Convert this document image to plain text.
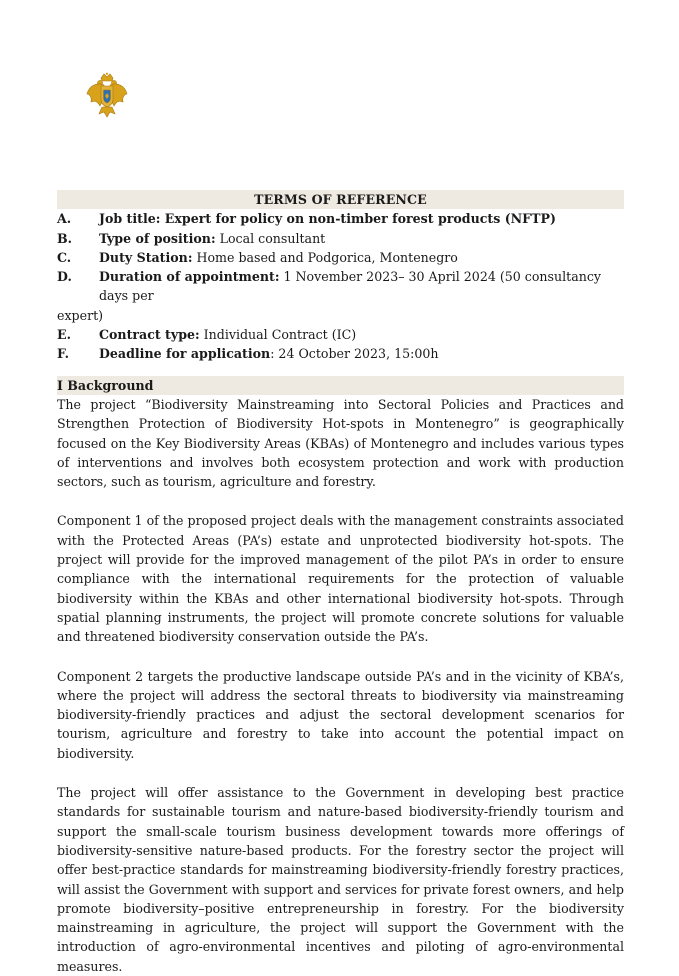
TERMS OF REFERENCE
A.	Job title: Expert for policy on non-timber forest products (NFTP)
B.	Type of position: Local consultant
C.	Duty Station: Home based and Podgorica, Montenegro
D.	Duration of appointment: 1 November 2023– 30 April 2024 (50 consultancy days per
expert)
E.	Contract type: Individual Contract (IC)
F.	Deadline for application: 24 October 2023, 15:00h
I Background

The project “Biodiversity Mainstreaming into Sectoral Policies and Practices and Strengthen Protection of Biodiversity Hot-spots in Montenegro” is geographically focused on the Key Biodiversity Areas (KBAs) of Montenegro and includes various types of interventions and involves both ecosystem protection and work with production sectors, such as tourism, agriculture and forestry.

Component 1 of the proposed project deals with the management constraints associated with the Protected Areas (PA’s) estate and unprotected biodiversity hot-spots. The project will provide for the improved management of the pilot PA’s in order to ensure compliance with the international requirements for the protection of valuable biodiversity within the KBAs and other international biodiversity hot-spots. Through spatial planning instruments, the project will promote concrete solutions for valuable and threatened biodiversity conservation outside the PA’s.

Component 2 targets the productive landscape outside PA’s and in the vicinity of KBA’s, where the project will address the sectoral threats to biodiversity via mainstreaming biodiversity-friendly practices and adjust the sectoral development scenarios for tourism, agriculture and forestry to take into account the potential impact on biodiversity.

The project will offer assistance to the Government in developing best practice standards for sustainable tourism and nature-based biodiversity-friendly tourism and support the small-scale tourism business development towards more offerings of biodiversity-sensitive nature-based products. For the forestry sector the project will offer best-practice standards for mainstreaming biodiversity-friendly forestry practices, will assist the Government with support and services for private forest owners, and help promote biodiversity–positive entrepreneurship in forestry. For the biodiversity mainstreaming in agriculture, the project will support the Government with the introduction of agro-environmental incentives and piloting of agro-environmental measures.
